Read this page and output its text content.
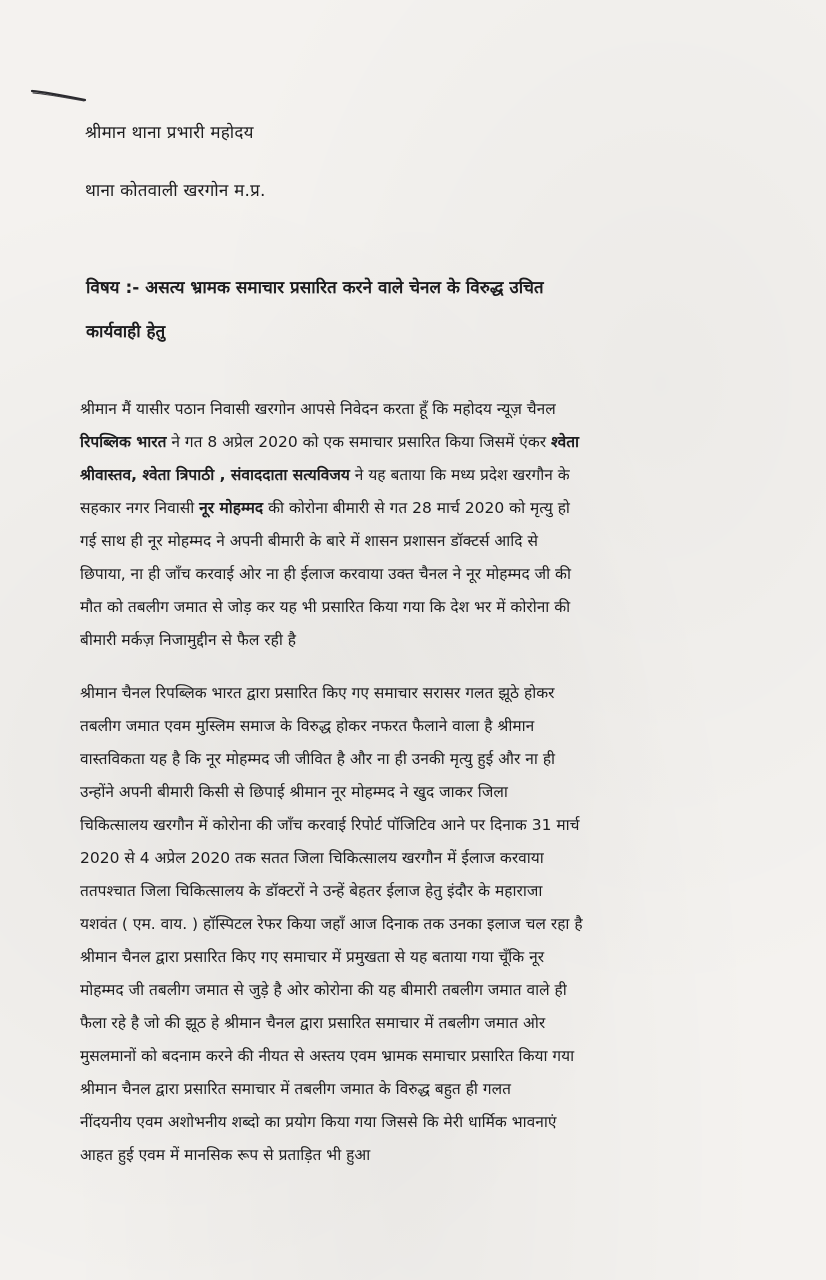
श्रीमान थाना प्रभारी महोदय
थाना कोतवाली खरगोन म.प्र.
विषय :- असत्य भ्रामक समाचार प्रसारित करने वाले चेनल के विरुद्ध उचित
कार्यवाही हेतु
श्रीमान मैं यासीर पठान निवासी खरगोन आपसे निवेदन करता हूँ कि महोदय न्यूज़ चैनल
रिपब्लिक भारत ने गत 8 अप्रेल 2020 को एक समाचार प्रसारित किया जिसमें एंकर श्वेता
श्रीवास्तव, श्वेता त्रिपाठी , संवाददाता सत्यविजय ने यह बताया कि मध्य प्रदेश खरगौन के
सहकार नगर निवासी नूर मोहम्मद की कोरोना बीमारी से गत 28 मार्च 2020 को मृत्यु हो
गई साथ ही नूर मोहम्मद ने अपनी बीमारी के बारे में शासन प्रशासन डॉक्टर्स आदि से
छिपाया, ना ही जाँच करवाई ओर ना ही ईलाज करवाया उक्त चैनल ने नूर मोहम्मद जी की
मौत को तबलीग जमात से जोड़ कर यह भी प्रसारित किया गया कि देश भर में कोरोना की
बीमारी मर्कज़ निजामुद्दीन से फैल रही है
श्रीमान चैनल रिपब्लिक भारत द्वारा प्रसारित किए गए समाचार सरासर गलत झूठे होकर
तबलीग जमात एवम मुस्लिम समाज के विरुद्ध होकर नफरत फैलाने वाला है श्रीमान
वास्तविकता यह है कि नूर मोहम्मद जी जीवित है और ना ही उनकी मृत्यु हुई और ना ही
उन्होंने अपनी बीमारी किसी से छिपाई श्रीमान नूर मोहम्मद ने खुद जाकर जिला
चिकित्सालय खरगौन में कोरोना की जाँच करवाई रिपोर्ट पॉजिटिव आने पर दिनाक 31 मार्च
2020 से 4 अप्रेल 2020 तक सतत जिला चिकित्सालय खरगौन में ईलाज करवाया
ततपश्चात जिला चिकित्सालय के डॉक्टरों ने उन्हें बेहतर ईलाज हेतु इंदौर के महाराजा
यशवंत ( एम. वाय. ) हॉस्पिटल रेफर किया जहाँ आज दिनाक तक उनका इलाज चल रहा है
श्रीमान चैनल द्वारा प्रसारित किए गए समाचार में प्रमुखता से यह बताया गया चूँकि नूर
मोहम्मद जी तबलीग जमात से जुड़े है ओर कोरोना की यह बीमारी तबलीग जमात वाले ही
फैला रहे है जो की झूठ हे श्रीमान चैनल द्वारा प्रसारित समाचार में तबलीग जमात ओर
मुसलमानों को बदनाम करने की नीयत से अस्तय एवम भ्रामक समाचार प्रसारित किया गया
श्रीमान चैनल द्वारा प्रसारित समाचार में तबलीग जमात के विरुद्ध बहुत ही गलत
नींदयनीय एवम अशोभनीय शब्दो का प्रयोग किया गया जिससे कि मेरी धार्मिक भावनाएं
आहत हुई एवम में मानसिक रूप से प्रताड़ित भी हुआ
